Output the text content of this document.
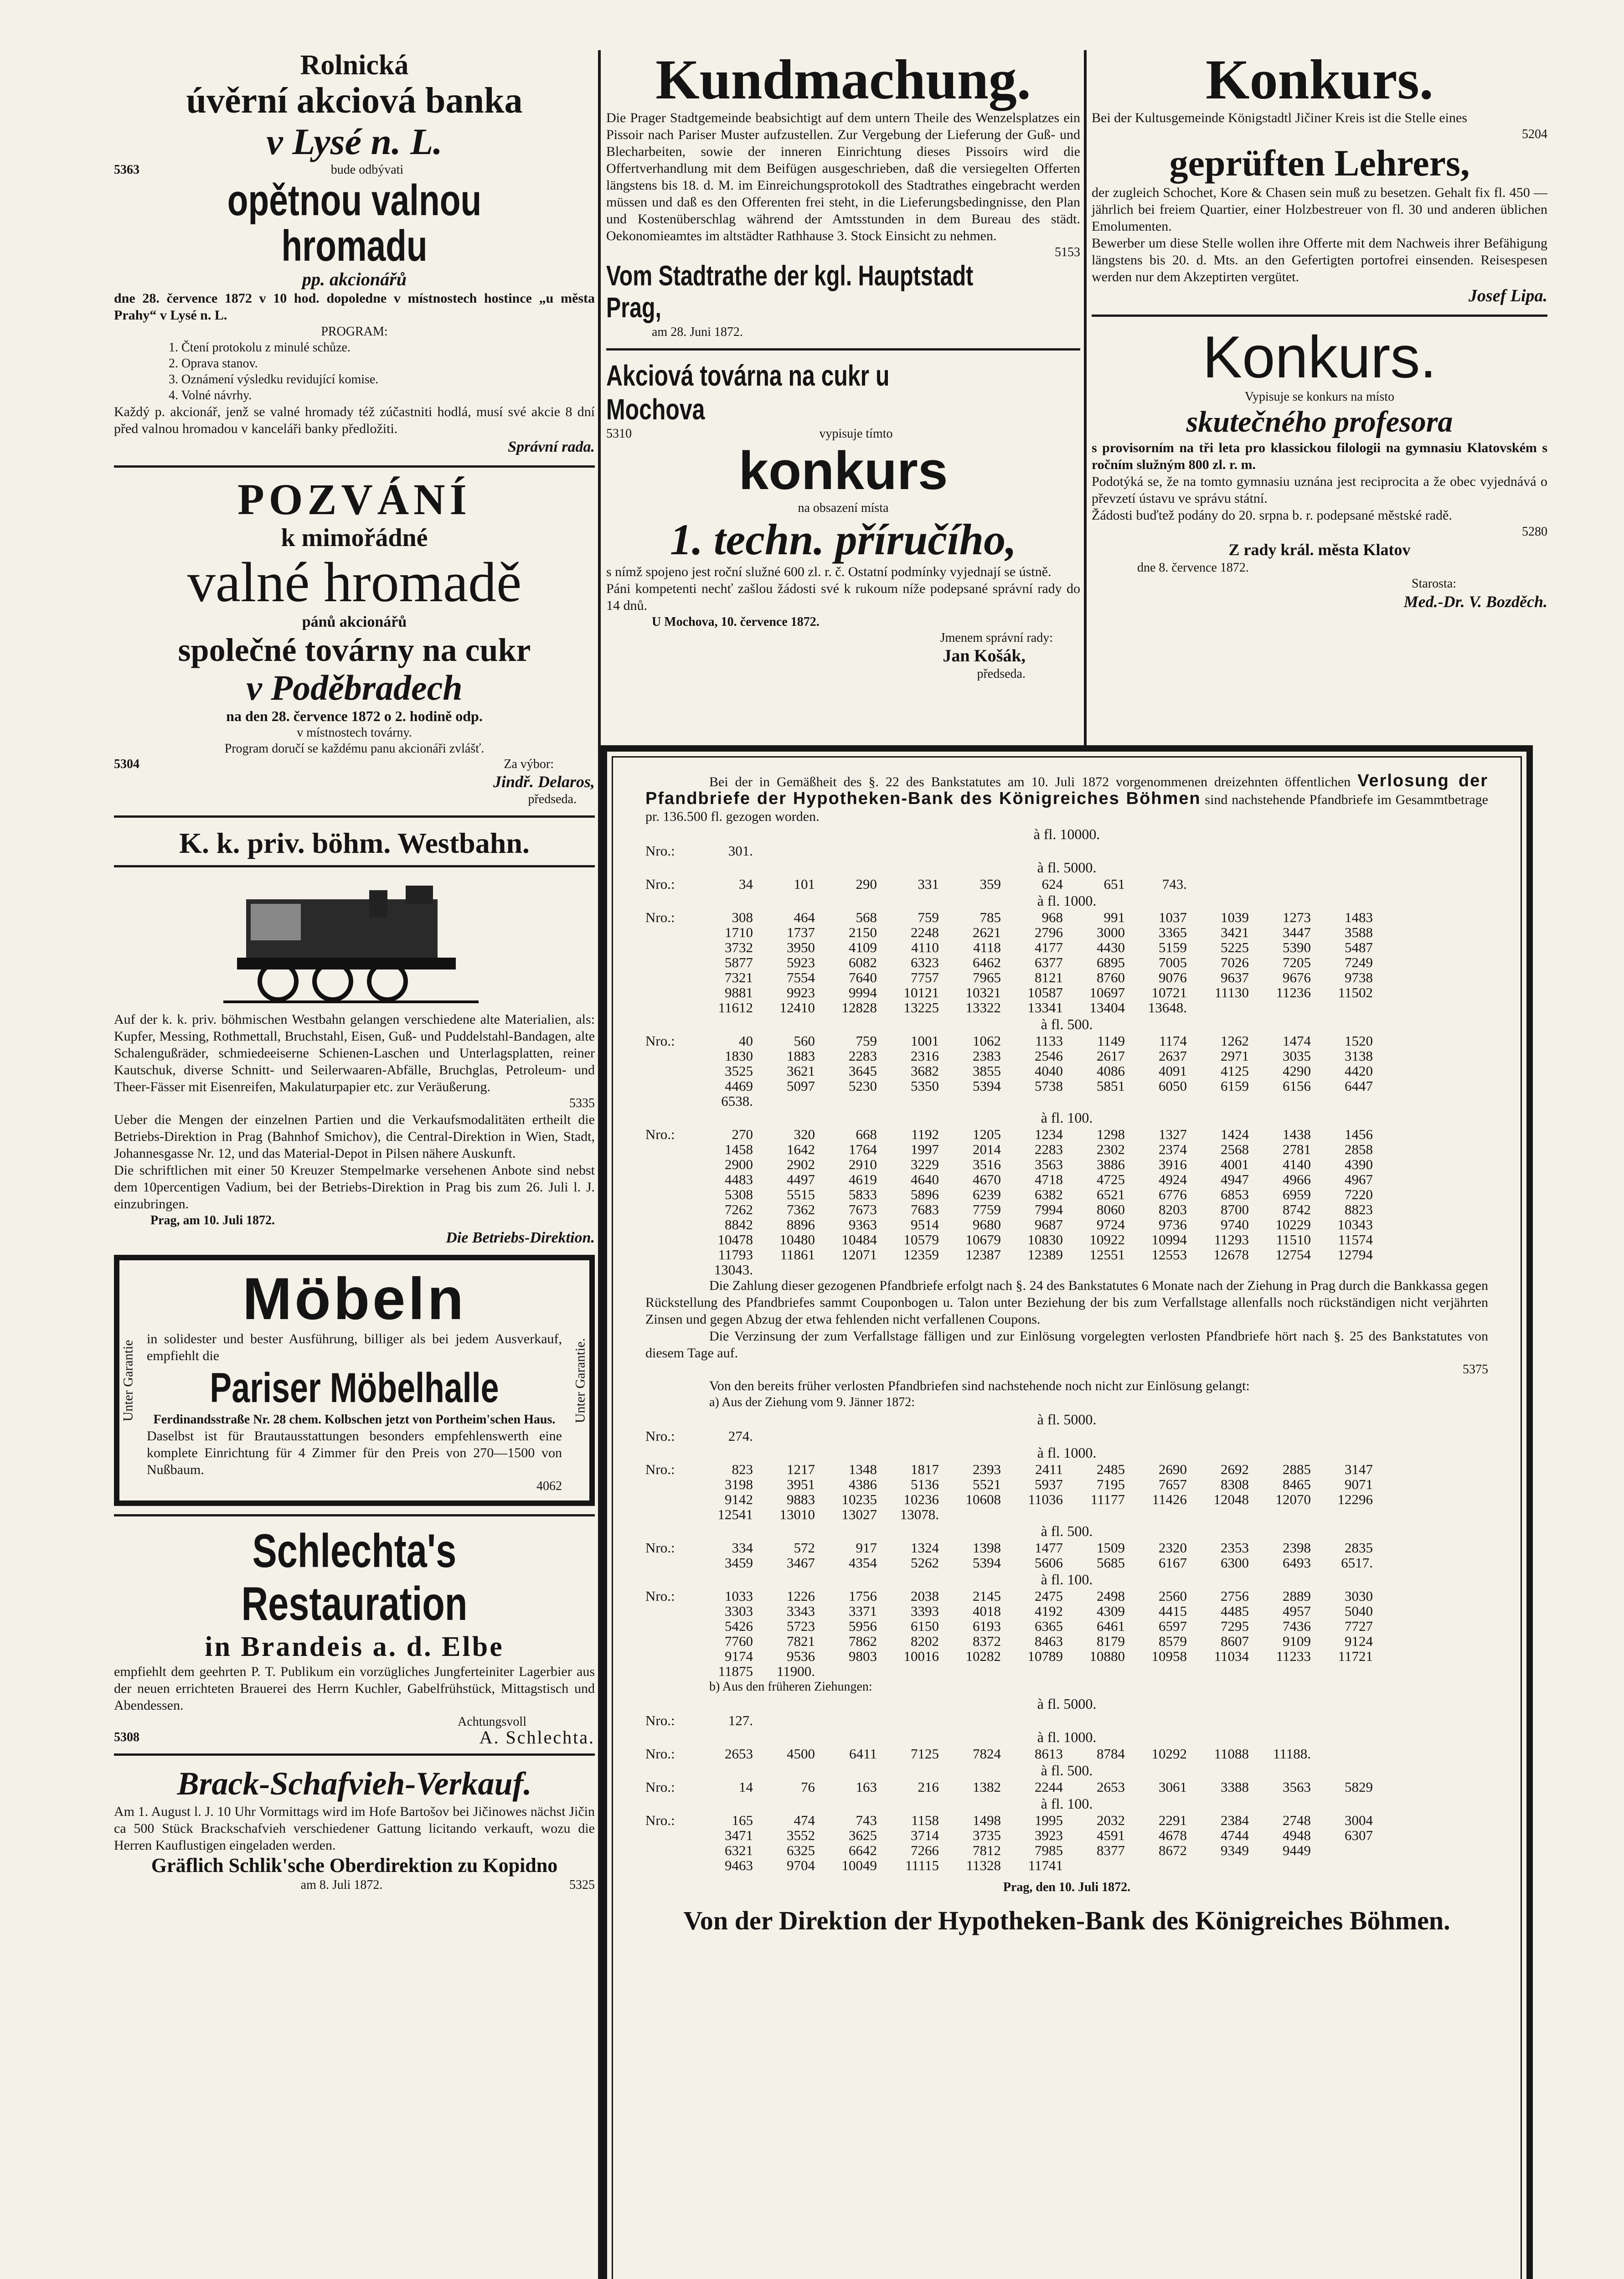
Rolnická
úvěrní akciová banka
v Lysé n. L.
5363	bude odbývati
opětnou valnou hromadu
pp. akcionářů

dne 28. července 1872 v 10 hod. dopoledne v místnostech hostince „u města Prahy“ v Lysé n. L.

PROGRAM:
1. Čtení protokolu z minulé schůze.
2. Oprava stanov.
3. Oznámení výsledku revidující komise.
4. Volné návrhy.

Každý p. akcionář, jenž se valné hromady též zúčastniti hodlá, musí své akcie 8 dní před valnou hromadou v kanceláři banky předložiti.

Správní rada.
POZVÁNÍ
k mimořádné
valné hromadě
pánů akcionářů
společné továrny na cukr
v Poděbradech
na den 28. července 1872 o 2. hodině odp.
v místnostech továrny.
Program doručí se každému panu akcionáři zvlášť.
5304	Za výbor:
Jindř. Delaros,
předseda.
K. k. priv. böhm. Westbahn.

Auf der k. k. priv. böhmischen Westbahn gelangen verschiedene alte Materialien, als: Kupfer, Messing, Rothmettall, Bruchstahl, Eisen, Guß- und Puddelstahl-Bandagen, alte Schalengußräder, schmiedeeiserne Schienen-Laschen und Unterlagsplatten, reiner Kautschuk, diverse Schnitt- und Seilerwaaren-Abfälle, Bruchglas, Petroleum- und Theer-Fässer mit Eisenreifen, Makulaturpapier etc. zur Veräußerung.

5335

Ueber die Mengen der einzelnen Partien und die Verkaufsmodalitäten ertheilt die Betriebs-Direktion in Prag (Bahnhof Smichov), die Central-Direktion in Wien, Stadt, Johannesgasse Nr. 12, und das Material-Depot in Pilsen nähere Auskunft.

Die schriftlichen mit einer 50 Kreuzer Stempelmarke versehenen Anbote sind nebst dem 10percentigen Vadium, bei der Betriebs-Direktion in Prag bis zum 26. Juli l. J. einzubringen.

Prag, am 10. Juli 1872.
Die Betriebs-Direktion.
Unter Garantie	Unter Garantie.
Möbeln

in solidester und bester Ausführung, billiger als bei jedem Ausverkauf, empfiehlt die

Pariser Möbelhalle
Ferdinandsstraße Nr. 28 chem. Kolbschen jetzt von Portheim'schen Haus.

Daselbst ist für Brautausstattungen besonders empfehlenswerth eine komplete Einrichtung für 4 Zimmer für den Preis von 270—1500 von Nußbaum.

4062
Schlechta's Restauration
in Brandeis a. d. Elbe

empfiehlt dem geehrten P. T. Publikum ein vorzügliches Jungferteiniter Lagerbier aus der neuen errichteten Brauerei des Herrn Kuchler, Gabelfrühstück, Mittagstisch und Abendessen.

Achtungsvoll
5308	A. Schlechta.
Brack-Schafvieh-Verkauf.

Am 1. August l. J. 10 Uhr Vormittags wird im Hofe Bartošov bei Jičinowes nächst Jičin ca 500 Stück Brackschafvieh verschiedener Gattung licitando verkauft, wozu die Herren Kauflustigen eingeladen werden.

Gräflich Schlik'sche Oberdirektion zu Kopidno
am 8. Juli 1872.	5325
Kundmachung.

Die Prager Stadtgemeinde beabsichtigt auf dem untern Theile des Wenzelsplatzes ein Pissoir nach Pariser Muster aufzustellen. Zur Vergebung der Lieferung der Guß- und Blecharbeiten, sowie der inneren Einrichtung dieses Pissoirs wird die Offertverhandlung mit dem Beifügen ausgeschrieben, daß die versiegelten Offerten längstens bis 18. d. M. im Einreichungsprotokoll des Stadtrathes eingebracht werden müssen und daß es den Offerenten frei steht, in die Lieferungsbedingnisse, den Plan und Kostenüberschlag während der Amtsstunden in dem Bureau des städt. Oekonomieamtes im altstädter Rathhause 3. Stock Einsicht zu nehmen.

5153
Vom Stadtrathe der kgl. Hauptstadt Prag,
am 28. Juni 1872.
Akciová továrna na cukr u Mochova
5310	vypisuje tímto
konkurs
na obsazení místa
1. techn. příručího,

s nímž spojeno jest roční služné 600 zl. r. č. Ostatní podmínky vyjednají se ústně.

Páni kompetenti nechť zašlou žádosti své k rukoum níže podepsané správní rady do 14 dnů.

U Mochova, 10. července 1872.
Jmenem správní rady:
Jan Košák,
předseda.
Konkurs.

Bei der Kultusgemeinde Königstadtl Jičiner Kreis ist die Stelle eines

5204
geprüften Lehrers,

der zugleich Schochet, Kore & Chasen sein muß zu besetzen. Gehalt fix fl. 450 — jährlich bei freiem Quartier, einer Holzbestreuer von fl. 30 und anderen üblichen Emolumenten.

Bewerber um diese Stelle wollen ihre Offerte mit dem Nachweis ihrer Befähigung längstens bis 20. d. Mts. an den Gefertigten portofrei einsenden. Reisespesen werden nur dem Akzeptirten vergütet.

Josef Lipa.
Konkurs.
Vypisuje se konkurs na místo
skutečného profesora

s provisorním na tři leta pro klassickou filologii na gymnasiu Klatovském s ročním služným 800 zl. r. m.

Podotýká se, že na tomto gymnasiu uznána jest reciprocita a že obec vyjednává o převzetí ústavu ve správu státní.

Žádosti buďtež podány do 20. srpna b. r. podepsané městské radě.

5280
Z rady král. města Klatov
dne 8. července 1872.
Starosta:
Med.-Dr. V. Bozděch.

Bei der in Gemäßheit des §. 22 des Bankstatutes am 10. Juli 1872 vorgenommenen dreizehnten öffentlichen Verlosung der Pfandbriefe der Hypotheken-Bank des Königreiches Böhmen sind nachstehende Pfandbriefe im Gesammtbetrage pr. 136.500 fl. gezogen worden.

à fl. 10000.
Nro.:	301.
à fl. 5000.
Nro.:	34	101	290	331	359	624	651	743.
à fl. 1000.
Nro.:	308	464	568	759	785	968	991	1037	1039	1273	1483
	1710	1737	2150	2248	2621	2796	3000	3365	3421	3447	3588
	3732	3950	4109	4110	4118	4177	4430	5159	5225	5390	5487
	5877	5923	6082	6323	6462	6377	6895	7005	7026	7205	7249
	7321	7554	7640	7757	7965	8121	8760	9076	9637	9676	9738
	9881	9923	9994	10121	10321	10587	10697	10721	11130	11236	11502
	11612	12410	12828	13225	13322	13341	13404	13648.			
à fl. 500.
Nro.:	40	560	759	1001	1062	1133	1149	1174	1262	1474	1520
	1830	1883	2283	2316	2383	2546	2617	2637	2971	3035	3138
	3525	3621	3645	3682	3855	4040	4086	4091	4125	4290	4420
	4469	5097	5230	5350	5394	5738	5851	6050	6159	6156	6447
	6538.										
à fl. 100.
Nro.:	270	320	668	1192	1205	1234	1298	1327	1424	1438	1456
	1458	1642	1764	1997	2014	2283	2302	2374	2568	2781	2858
	2900	2902	2910	3229	3516	3563	3886	3916	4001	4140	4390
	4483	4497	4619	4640	4670	4718	4725	4924	4947	4966	4967
	5308	5515	5833	5896	6239	6382	6521	6776	6853	6959	7220
	7262	7362	7673	7683	7759	7994	8060	8203	8700	8742	8823
	8842	8896	9363	9514	9680	9687	9724	9736	9740	10229	10343
	10478	10480	10484	10579	10679	10830	10922	10994	11293	11510	11574
	11793	11861	12071	12359	12387	12389	12551	12553	12678	12754	12794
	13043.										

Die Zahlung dieser gezogenen Pfandbriefe erfolgt nach §. 24 des Bankstatutes 6 Monate nach der Ziehung in Prag durch die Bankkassa gegen Rückstellung des Pfandbriefes sammt Couponbogen u. Talon unter Beziehung der bis zum Verfallstage allenfalls noch rückständigen nicht verjährten Zinsen und gegen Abzug der etwa fehlenden nicht verfallenen Coupons.

Die Verzinsung der zum Verfallstage fälligen und zur Einlösung vorgelegten verlosten Pfandbriefe hört nach §. 25 des Bankstatutes von diesem Tage auf.

5375

Von den bereits früher verlosten Pfandbriefen sind nachstehende noch nicht zur Einlösung gelangt:

a) Aus der Ziehung vom 9. Jänner 1872:
à fl. 5000.
Nro.:	274.
à fl. 1000.
Nro.:	823	1217	1348	1817	2393	2411	2485	2690	2692	2885	3147
	3198	3951	4386	5136	5521	5937	7195	7657	8308	8465	9071
	9142	9883	10235	10236	10608	11036	11177	11426	12048	12070	12296
	12541	13010	13027	13078.							
à fl. 500.
Nro.:	334	572	917	1324	1398	1477	1509	2320	2353	2398	2835
	3459	3467	4354	5262	5394	5606	5685	6167	6300	6493	6517.
à fl. 100.
Nro.:	1033	1226	1756	2038	2145	2475	2498	2560	2756	2889	3030
	3303	3343	3371	3393	4018	4192	4309	4415	4485	4957	5040
	5426	5723	5956	6150	6193	6365	6461	6597	7295	7436	7727
	7760	7821	7862	8202	8372	8463	8179	8579	8607	9109	9124
	9174	9536	9803	10016	10282	10789	10880	10958	11034	11233	11721
	11875	11900.									
b) Aus den früheren Ziehungen:
à fl. 5000.
Nro.:	127.
à fl. 1000.
Nro.:	2653	4500	6411	7125	7824	8613	8784	10292	11088	11188.
à fl. 500.
Nro.:	14	76	163	216	1382	2244	2653	3061	3388	3563	5829
à fl. 100.
Nro.:	165	474	743	1158	1498	1995	2032	2291	2384	2748	3004
	3471	3552	3625	3714	3735	3923	4591	4678	4744	4948	6307
	6321	6325	6642	7266	7812	7985	8377	8672	9349	9449	
	9463	9704	10049	11115	11328	11741					
Prag, den 10. Juli 1872.
Von der Direktion der Hypotheken-Bank des Königreiches Böhmen.
